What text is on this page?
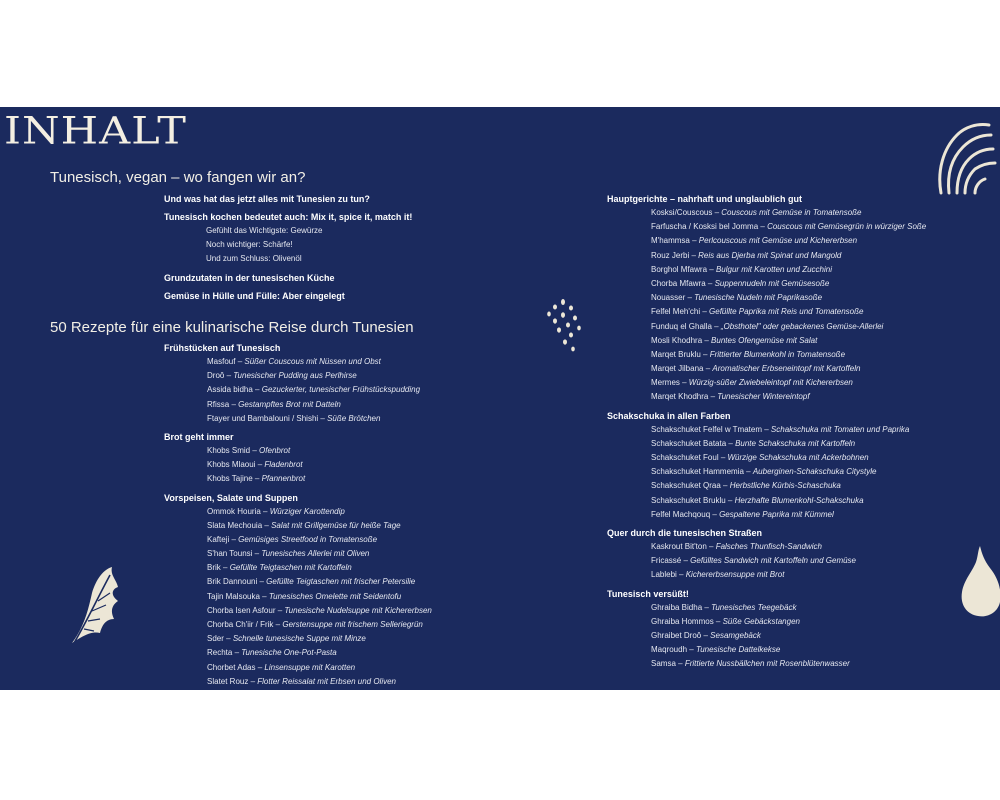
INHALT
Tunesisch, vegan – wo fangen wir an?
Und was hat das jetzt alles mit Tunesien zu tun?
Tunesisch kochen bedeutet auch: Mix it, spice it, match it!
Gefühlt das Wichtigste: Gewürze
Noch wichtiger: Schärfe!
Und zum Schluss: Olivenöl
Grundzutaten in der tunesischen Küche
Gemüse in Hülle und Fülle: Aber eingelegt
50 Rezepte für eine kulinarische Reise durch Tunesien
Frühstücken auf Tunesisch
Masfouf – Süßer Couscous mit Nüssen und Obst
Droô – Tunesischer Pudding aus Perlhirse
Assida bidha – Gezuckerter, tunesischer Frühstückspudding
Rfissa – Gestampftes Brot mit Datteln
Ftayer und Bambalouni / Shishi – Süße Brötchen
Brot geht immer
Khobs Smid – Ofenbrot
Khobs Mlaoui – Fladenbrot
Khobs Tajine – Pfannenbrot
Vorspeisen, Salate und Suppen
Ommok Houria – Würziger Karottendip
Slata Mechouia – Salat mit Grillgemüse für heiße Tage
Kafteji – Gemüsiges Streetfood in Tomatensoße
S'han Tounsi – Tunesisches Allerlei mit Oliven
Brik – Gefüllte Teigtaschen mit Kartoffeln
Brik Dannouni – Gefüllte Teigtaschen mit frischer Petersilie
Tajin Malsouka – Tunesisches Omelette mit Seidentofu
Chorba Isen Asfour – Tunesische Nudelsuppe mit Kichererbsen
Chorba Ch'iir / Frik – Gerstensuppe mit frischem Selleriegrün
Sder – Schnelle tunesische Suppe mit Minze
Rechta – Tunesische One-Pot-Pasta
Chorbet Adas – Linsensuppe mit Karotten
Slatet Rouz – Flotter Reissalat mit Erbsen und Oliven
Hauptgerichte – nahrhaft und unglaublich gut
Kosksi/Couscous – Couscous mit Gemüse in Tomatensoße
Farfuscha / Kosksi bel Jomma – Couscous mit Gemüsegrün in würziger Soße
M'hammsa – Perlcouscous mit Gemüse und Kichererbsen
Rouz Jerbi – Reis aus Djerba mit Spinat und Mangold
Borghol Mfawra – Bulgur mit Karotten und Zucchini
Chorba Mfawra – Suppennudeln mit Gemüsesoße
Nouasser – Tunesische Nudeln mit Paprikasoße
Felfel Meh'chi – Gefüllte Paprika mit Reis und Tomatensoße
Funduq el Ghalla – „Obsthotel" oder gebackenes Gemüse-Allerlei
Mosli Khodhra – Buntes Ofengemüse mit Salat
Marqet Bruklu – Frittierter Blumenkohl in Tomatensoße
Marqet Jilbana – Aromatischer Erbseneintopf mit Kartoffeln
Mermes – Würzig-süßer Zwiebeleintopf mit Kichererbsen
Marqet Khodhra – Tunesischer Wintereintopf
Schakschuka in allen Farben
Schakschuket Felfel w Tmatem – Schakschuka mit Tomaten und Paprika
Schakschuket Batata – Bunte Schakschuka mit Kartoffeln
Schakschuket Foul – Würzige Schakschuka mit Ackerbohnen
Schakschuket Hammemia – Auberginen-Schakschuka Citystyle
Schakschuket Qraa – Herbstliche Kürbis-Schaschuka
Schakschuket Bruklu – Herzhafte Blumenkohl-Schakschuka
Felfel Machqouq – Gespaltene Paprika mit Kümmel
Quer durch die tunesischen Straßen
Kaskrout Bit'ton – Falsches Thunfisch-Sandwich
Fricassé – Gefülltes Sandwich mit Kartoffeln und Gemüse
Lablebi – Kichererbsensuppe mit Brot
Tunesisch versüßt!
Ghraiba Bidha – Tunesisches Teegebäck
Ghraiba Hommos – Süße Gebäckstangen
Ghraibet Droô – Sesamgebäck
Maqroudh – Tunesische Dattelkekse
Samsa – Frittierte Nussbällchen mit Rosenblütenwasser
